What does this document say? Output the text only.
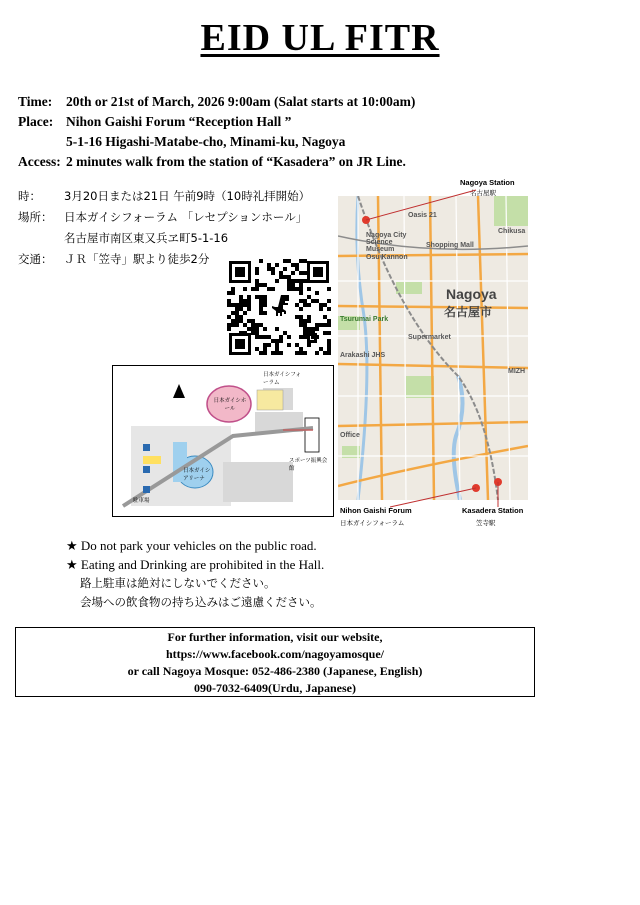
EID UL FITR
Time: 20th or 21st of March, 2026 9:00am (Salat starts at 10:00am)
Place: Nihon Gaishi Forum “Reception Hall ”
5-1-16 Higashi-Matabe-cho, Minami-ku, Nagoya
Access: 2 minutes walk from the station of “Kasadera” on JR Line.
時： 3月20日または21日 午前9時（10時礼拝開始）
場所： 日本ガイシフォーラム 「レセプションホール」
名古屋市南区東又兵ヱ町5-1-16
交通： ＪＲ「笠寺」駅より徒歩2分
Nagoya
名古屋市
Oasis 21
Nagoya City Science Museum
Osu Kannon
Chikusa
Shopping Mall
Supermarket
Arakashi JHS
Tsurumai Park
Office
MIZH
Nagoya Station
名古屋駅
Nihon Gaishi Forum
日本ガイシフォーラム
Kasadera Station
笠寺駅
日本ガイシホール
日本ガイシアリーナ
日本ガイシフォーラム
スポーツ振興会館
駐車場
★ Do not park your vehicles on the public road.
★ Eating and Drinking are prohibited in the Hall.
路上駐車は絶対にしないでください。
会場への飲食物の持ち込みはご遠慮ください。
For further information, visit our website,
https://www.facebook.com/nagoyamosque/
or call Nagoya Mosque: 052-486-2380 (Japanese, English)
090-7032-6409(Urdu, Japanese)
